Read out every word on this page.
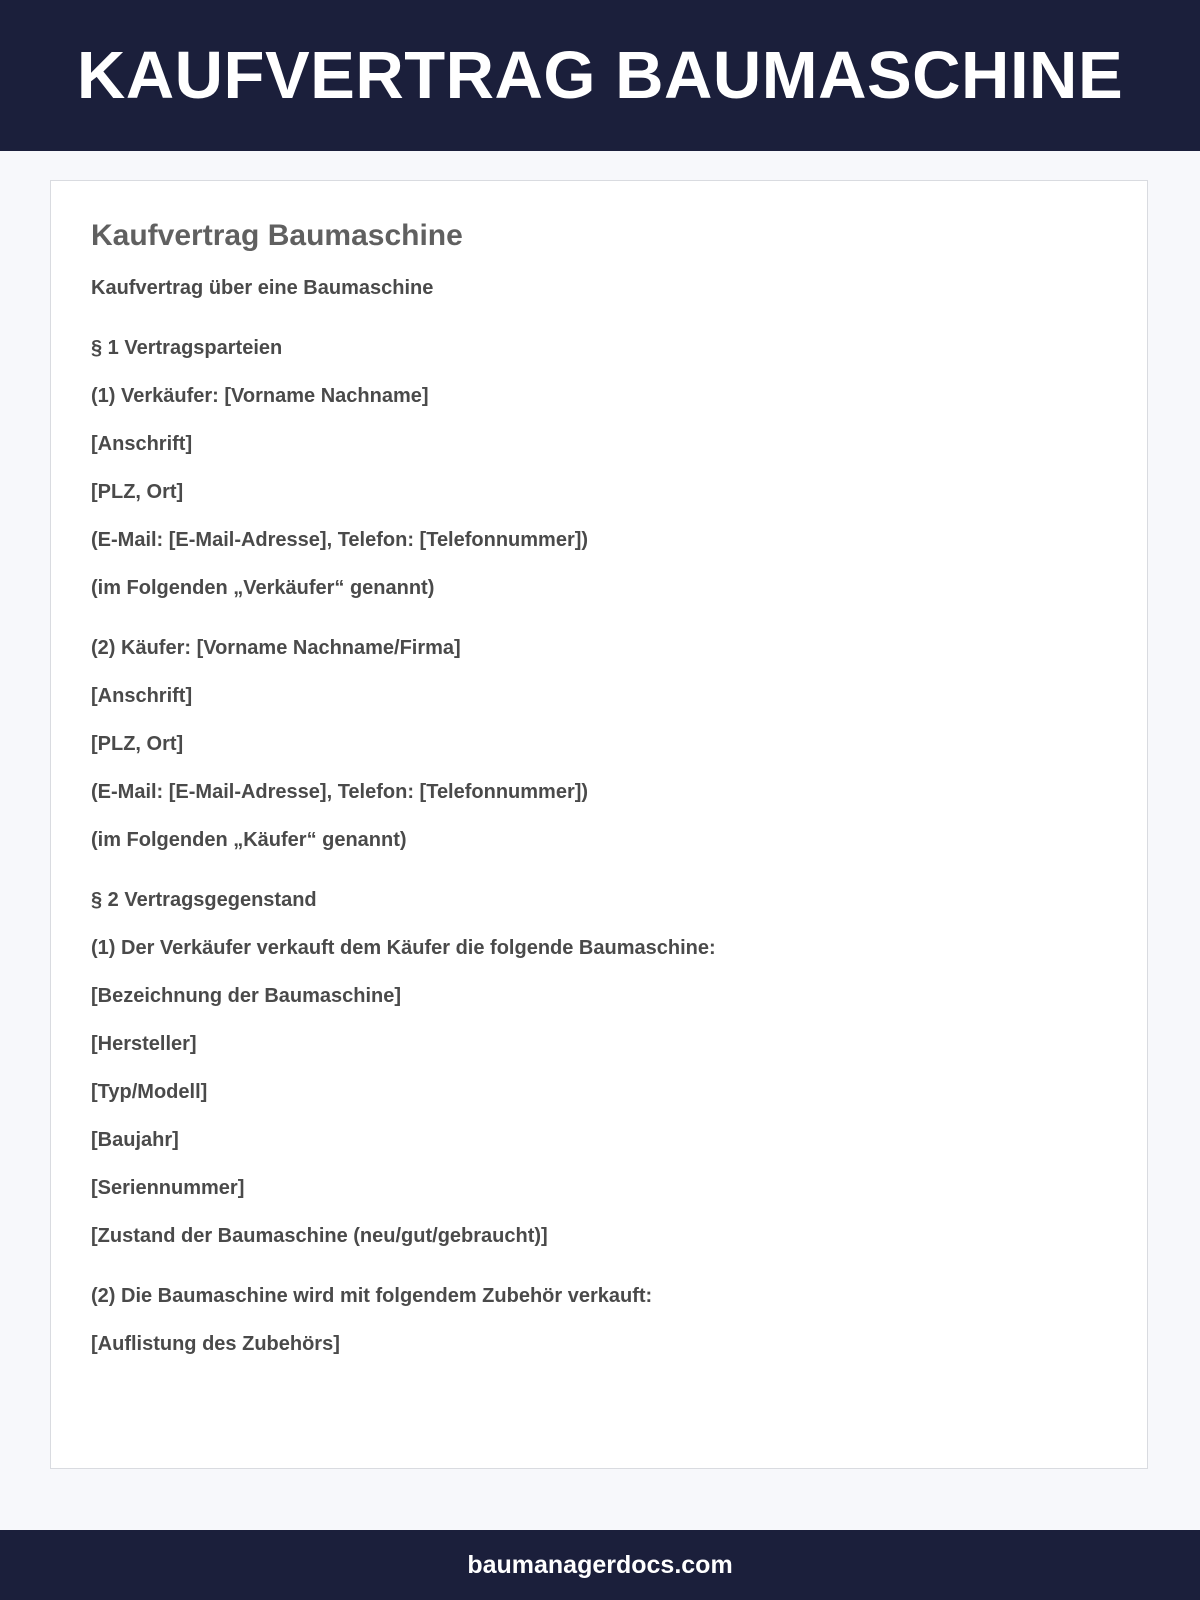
KAUFVERTRAG BAUMASCHINE
Kaufvertrag Baumaschine

Kaufvertrag über eine Baumaschine

§ 1 Vertragsparteien

(1) Verkäufer: [Vorname Nachname]

[Anschrift]

[PLZ, Ort]

(E-Mail: [E-Mail-Adresse], Telefon: [Telefonnummer])

(im Folgenden „Verkäufer“ genannt)

(2) Käufer: [Vorname Nachname/Firma]

[Anschrift]

[PLZ, Ort]

(E-Mail: [E-Mail-Adresse], Telefon: [Telefonnummer])

(im Folgenden „Käufer“ genannt)

§ 2 Vertragsgegenstand

(1) Der Verkäufer verkauft dem Käufer die folgende Baumaschine:

[Bezeichnung der Baumaschine]

[Hersteller]

[Typ/Modell]

[Baujahr]

[Seriennummer]

[Zustand der Baumaschine (neu/gut/gebraucht)]

(2) Die Baumaschine wird mit folgendem Zubehör verkauft:

[Auflistung des Zubehörs]

baumanagerdocs.com
